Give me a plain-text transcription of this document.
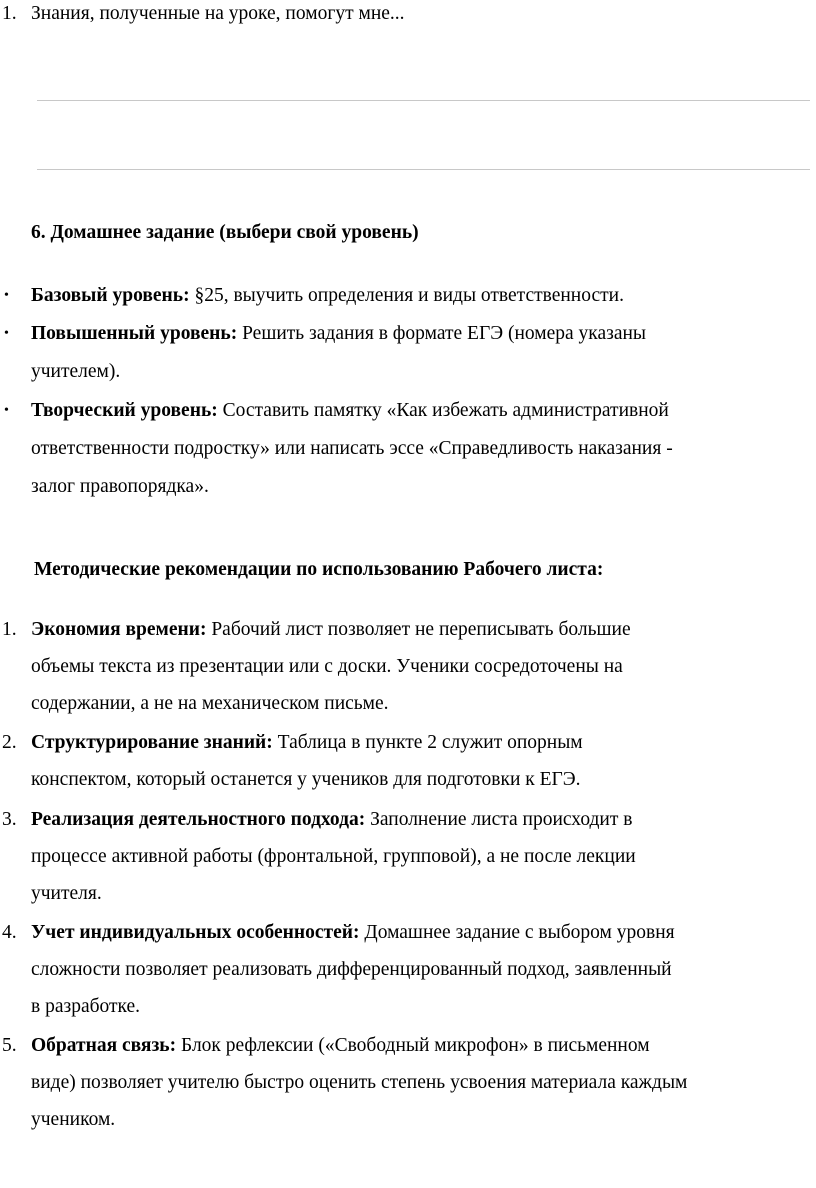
1. Знания, полученные на уроке, помогут мне...
6. Домашнее задание (выбери свой уровень)
• Базовый уровень: §25, выучить определения и виды ответственности.
• Повышенный уровень: Решить задания в формате ЕГЭ (номера указаны
учителем).
• Творческий уровень: Составить памятку «Как избежать административной
ответственности подростку» или написать эссе «Справедливость наказания -
залог правопорядка».
Методические рекомендации по использованию Рабочего листа:
1. Экономия времени: Рабочий лист позволяет не переписывать большие
объемы текста из презентации или с доски. Ученики сосредоточены на
содержании, а не на механическом письме.
2. Структурирование знаний: Таблица в пункте 2 служит опорным
конспектом, который останется у учеников для подготовки к ЕГЭ.
3. Реализация деятельностного подхода: Заполнение листа происходит в
процессе активной работы (фронтальной, групповой), а не после лекции
учителя.
4. Учет индивидуальных особенностей: Домашнее задание с выбором уровня
сложности позволяет реализовать дифференцированный подход, заявленный
в разработке.
5. Обратная связь: Блок рефлексии («Свободный микрофон» в письменном
виде) позволяет учителю быстро оценить степень усвоения материала каждым
учеником.
